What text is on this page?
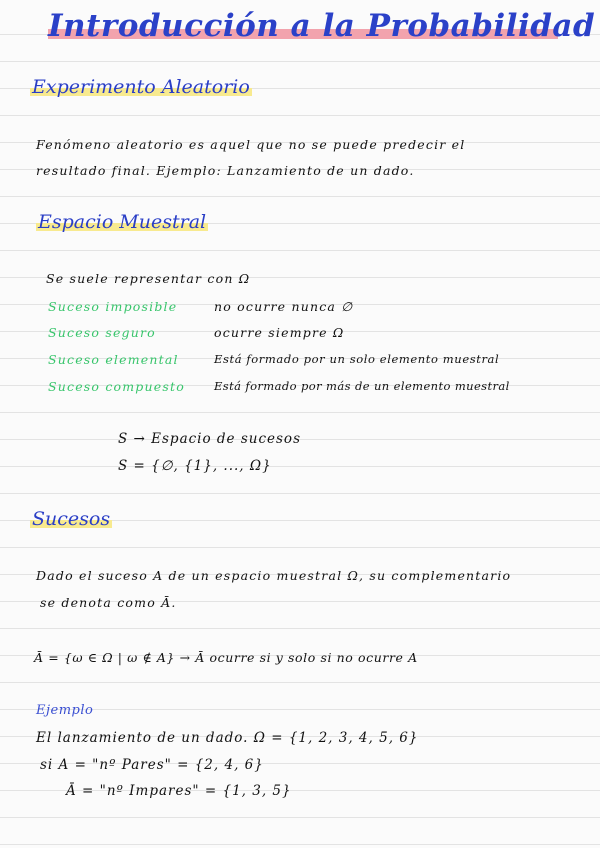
Introducción a la Probabilidad
Experimento Aleatorio
Fenómeno aleatorio es aquel que no se puede predecir el
resultado final. Ejemplo: Lanzamiento de un dado.
Espacio Muestral
Se suele representar con Ω
Suceso imposible	no ocurre nunca ∅
Suceso seguro	ocurre siempre Ω
Suceso elemental	Está formado por un solo elemento muestral
Suceso compuesto	Está formado por más de un elemento muestral
S → Espacio de sucesos
S = {∅, {1}, ..., Ω}
Sucesos
Dado el suceso A de un espacio muestral Ω, su complementario
se denota como Ā.
Ā = {ω ∈ Ω | ω ∉ A} → Ā ocurre si y solo si no ocurre A
Ejemplo
El lanzamiento de un dado. Ω = {1, 2, 3, 4, 5, 6}
si A = "nº Pares" = {2, 4, 6}
Ā = "nº Impares" = {1, 3, 5}
